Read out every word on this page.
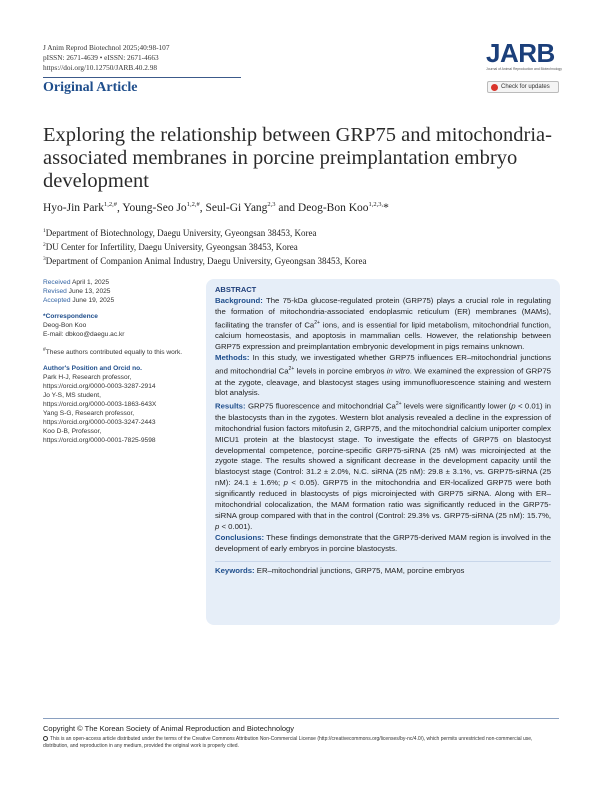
J Anim Reprod Biotechnol 2025;40:98-107
pISSN: 2671-4639 • eISSN: 2671-4663
https://doi.org/10.12750/JARB.40.2.98
Original Article
JARB
Journal of Animal Reproduction and Biotechnology
Check for updates
Exploring the relationship between GRP75 and mitochondria-associated membranes in porcine preimplantation embryo development
Hyo-Jin Park$^{1,2,\#}$, Young-Seo $Jo^{1,2,\#}$, Seul-Gi Yang$^{2,3}$ and Deog-Bon Koo$^{1,2,3,}$*
$^1$Department of Biotechnology, Daegu University, Gyeongsan 38453, Korea
$^2$DU Center for Infertility, Daegu University, Gyeongsan 38453, Korea
$^3$Department of Companion Animal Industry, Daegu University, Gyeongsan 38453, Korea
Received April 1, 2025
Revised June 13, 2025
Accepted June 19, 2025
*Correspondence
Deog-Bon Koo
E-mail: dbkoo@daegu.ac.kr
#These authors contributed equally to this work.
Author's Position and Orcid no.
Park H-J, Research professor,
https://orcid.org/0000-0003-3287-2914
Jo Y-S, MS student,
https://orcid.org/0000-0003-1863-643X
Yang S-G, Research professor,
https://orcid.org/0000-0003-3247-2443
Koo D-B, Professor,
https://orcid.org/0000-0001-7825-9598
ABSTRACT
Background: The 75-kDa glucose-regulated protein (GRP75) plays a crucial role in regulating the formation of mitochondria-associated endoplasmic reticulum (ER) membranes (MAMs), facilitating the transfer of $Ca^{2+}$ ions, and is essential for lipid metabolism, mitochondrial function, calcium homeostasis, and apoptosis in mammalian cells. However, the relationship between GRP75 expression and preimplantation embryonic development in pigs remains unknown.
Methods: In this study, we investigated whether GRP75 influences ER–mitochondrial junctions and mitochondrial $Ca^{2+}$ levels in porcine embryos in vitro. We examined the expression of GRP75 at the zygote, cleavage, and blastocyst stages using immunofluorescence staining and western blot analysis.
Results: GRP75 fluorescence and mitochondrial $Ca^{2+}$ levels were significantly lower (p < 0.01) in the blastocysts than in the zygotes. Western blot analysis revealed a decline in the expression of mitochondrial fusion factors mitofusin 2, GRP75, and the mitochondrial calcium uniporter complex MICU1 protein at the blastocyst stage. To investigate the effects of GRP75 on blastocyst developmental competence, porcine-specific GRP75-siRNA (25 nM) was microinjected at the zygote stage. The results showed a significant decrease in the development capacity until the blastocyst stage (Control: 31.2 ± 2.0%, N.C. siRNA (25 nM): 29.8 ± 3.1%, vs. GRP75-siRNA (25 nM): 24.1 ± 1.6%; p < 0.05). GRP75 in the mitochondria and ER-localized GRP75 were both significantly reduced in blastocysts of pigs microinjected with GRP75 siRNA. Along with ER–mitochondrial colocalization, the MAM formation ratio was significantly reduced in the GRP75-siRNA group compared with that in the control (Control: 29.3% vs. GRP75-siRNA (25 nM): 15.7%, p < 0.001).
Conclusions: These findings demonstrate that the GRP75-derived MAM region is involved in the development of early embryos in porcine blastocysts.
Keywords: ER–mitochondrial junctions, GRP75, MAM, porcine embryos
Copyright © The Korean Society of Animal Reproduction and Biotechnology
This is an open-access article distributed under the terms of the Creative Commons Attribution Non-Commercial License (http://creativecommons.org/licenses/by-nc/4.0/), which permits unrestricted non-commercial use, distribution, and reproduction in any medium, provided the original work is properly cited.
